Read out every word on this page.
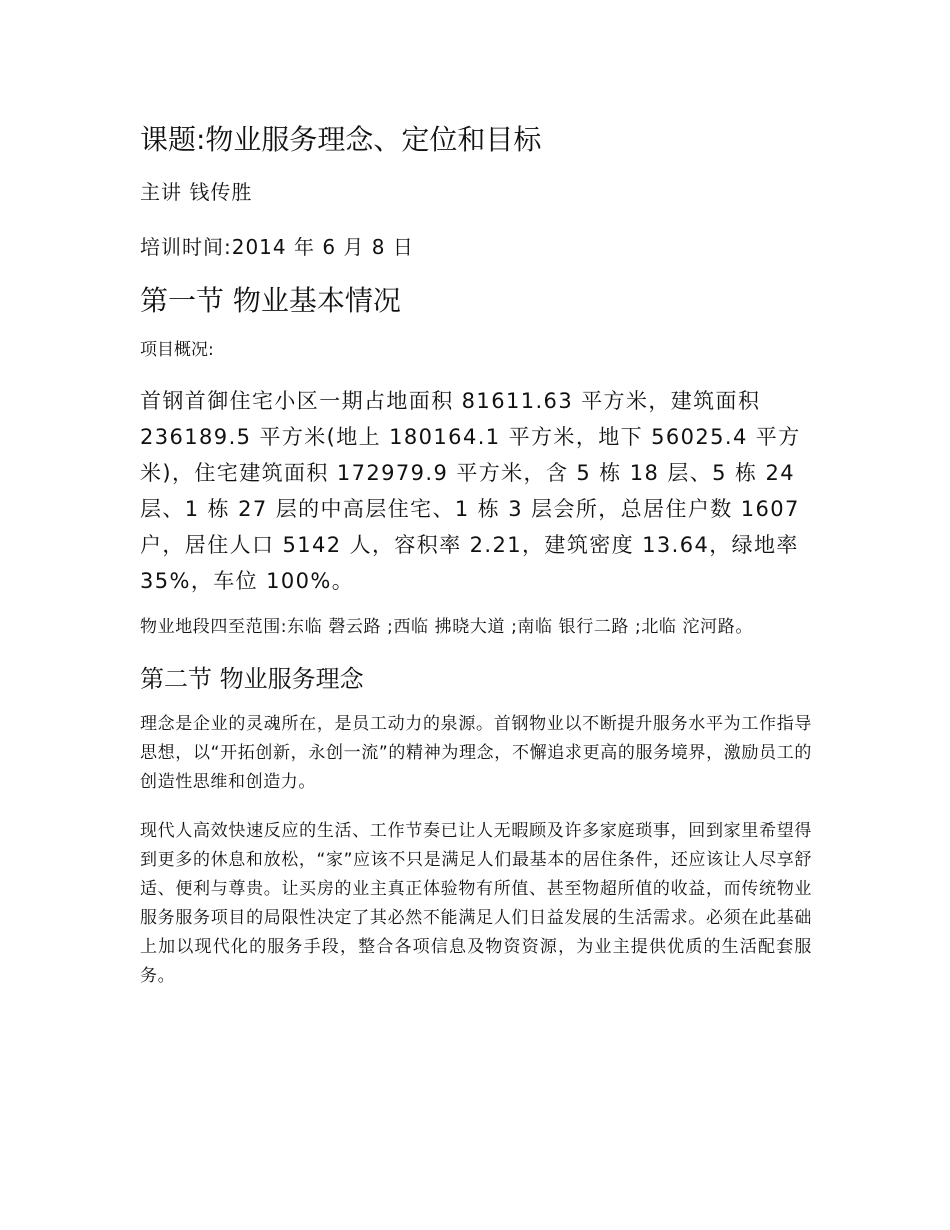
课题:物业服务理念、定位和目标

主讲 钱传胜

培训时间:2014 年 6 月 8 日

第一节 物业基本情况

项目概况:

首钢首御住宅小区一期占地面积 81611.63 平方米，建筑面积 236189.5 平方米(地上 180164.1 平方米，地下 56025.4 平方米)，住宅建筑面积 172979.9 平方米，含 5 栋 18 层、5 栋 24 层、1 栋 27 层的中高层住宅、1 栋 3 层会所，总居住户数 1607 户，居住人口 5142 人，容积率 2.21，建筑密度 13.64，绿地率 35%，车位 100%。

物业地段四至范围:东临 磬云路 ;西临 拂晓大道 ;南临 银行二路 ;北临 沱河路。

第二节 物业服务理念

理念是企业的灵魂所在，是员工动力的泉源。首钢物业以不断提升服务水平为工作指导思想，以“开拓创新，永创一流”的精神为理念，不懈追求更高的服务境界，激励员工的创造性思维和创造力。

现代人高效快速反应的生活、工作节奏已让人无暇顾及许多家庭琐事，回到家里希望得到更多的休息和放松，“家”应该不只是满足人们最基本的居住条件，还应该让人尽享舒适、便利与尊贵。让买房的业主真正体验物有所值、甚至物超所值的收益，而传统物业服务服务项目的局限性决定了其必然不能满足人们日益发展的生活需求。必须在此基础上加以现代化的服务手段，整合各项信息及物资资源，为业主提供优质的生活配套服务。
